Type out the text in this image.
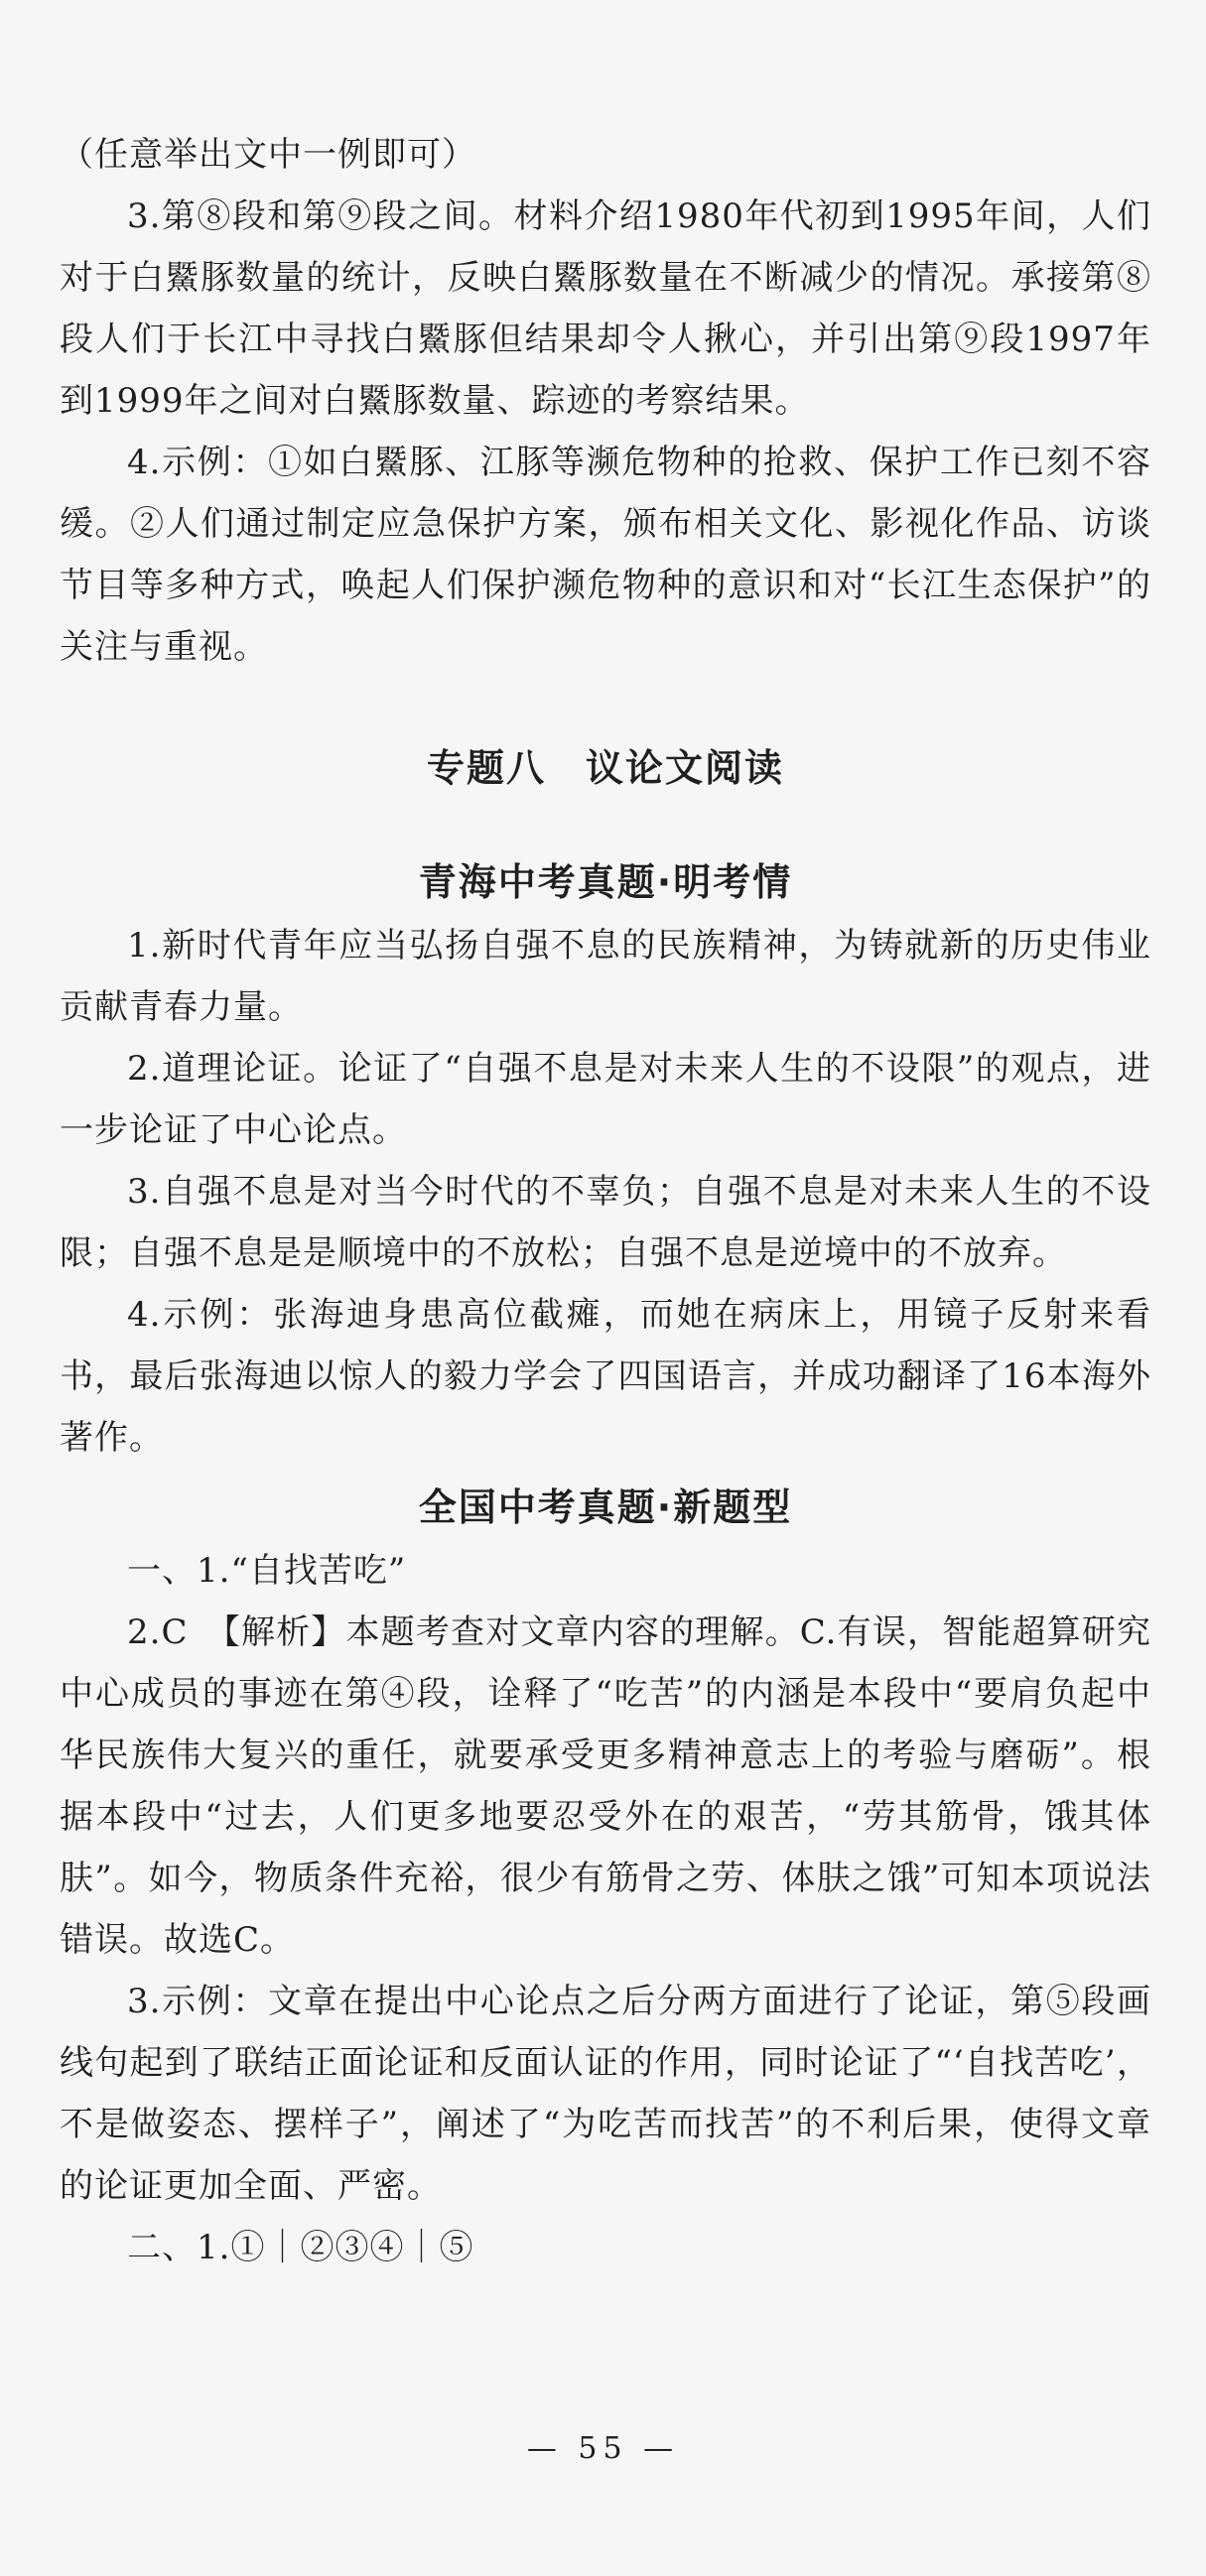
（任意举出文中一例即可）

3.第⑧段和第⑨段之间。材料介绍1980年代初到1995年间，人们对于白鱀豚数量的统计，反映白鱀豚数量在不断减少的情况。承接第⑧段人们于长江中寻找白鱀豚但结果却令人揪心，并引出第⑨段1997年到1999年之间对白鱀豚数量、踪迹的考察结果。

4.示例：①如白鱀豚、江豚等濒危物种的抢救、保护工作已刻不容缓。②人们通过制定应急保护方案，颁布相关文化、影视化作品、访谈节目等多种方式，唤起人们保护濒危物种的意识和对“长江生态保护”的关注与重视。

专题八　议论文阅读
青海中考真题·明考情

1.新时代青年应当弘扬自强不息的民族精神，为铸就新的历史伟业贡献青春力量。

2.道理论证。论证了“自强不息是对未来人生的不设限”的观点，进一步论证了中心论点。

3.自强不息是对当今时代的不辜负；自强不息是对未来人生的不设限；自强不息是是顺境中的不放松；自强不息是逆境中的不放弃。

4.示例：张海迪身患高位截瘫，而她在病床上，用镜子反射来看书，最后张海迪以惊人的毅力学会了四国语言，并成功翻译了16本海外著作。

全国中考真题·新题型

一、1.“自找苦吃”

2.C　【解析】本题考查对文章内容的理解。C.有误，智能超算研究中心成员的事迹在第④段，诠释了“吃苦”的内涵是本段中“要肩负起中华民族伟大复兴的重任，就要承受更多精神意志上的考验与磨砺”。根据本段中“过去，人们更多地要忍受外在的艰苦，“劳其筋骨，饿其体肤”。如今，物质条件充裕，很少有筋骨之劳、体肤之饿”可知本项说法错误。故选C。

3.示例：文章在提出中心论点之后分两方面进行了论证，第⑤段画线句起到了联结正面论证和反面认证的作用，同时论证了“‘自找苦吃’，不是做姿态、摆样子”，阐述了“为吃苦而找苦”的不利后果，使得文章的论证更加全面、严密。

二、1.①｜②③④｜⑤

— 55 —
